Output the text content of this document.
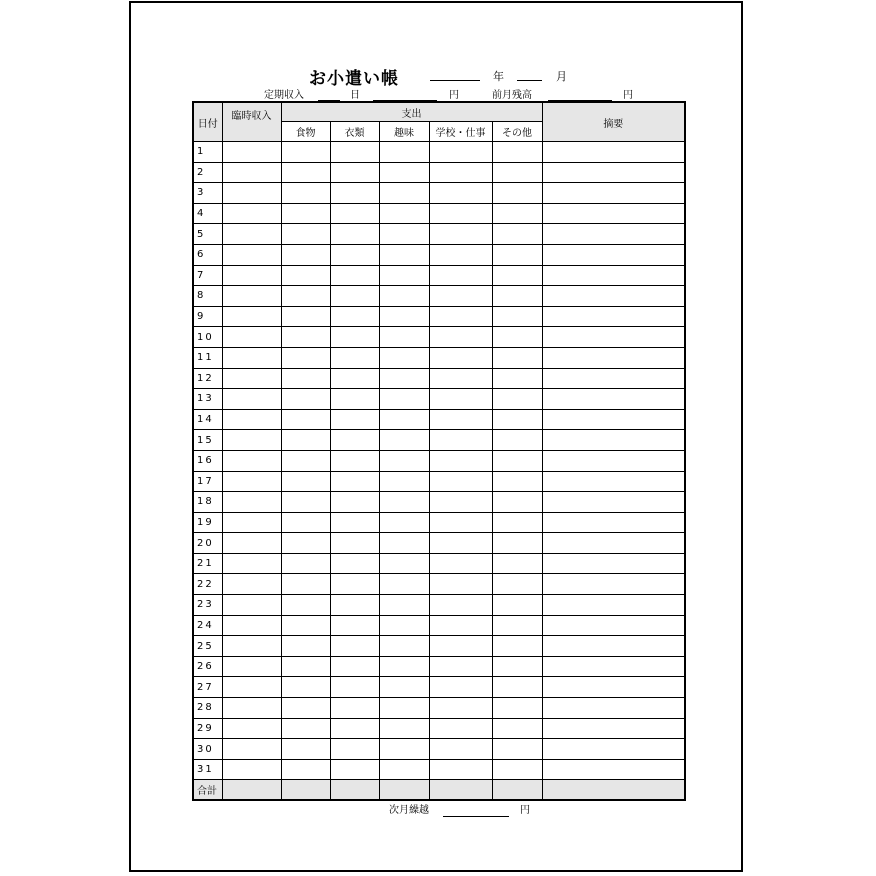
お小遣い帳	年	月
定期収入	日	円	前月残高	円
日付	臨時収入	支出					摘要
		食物	衣類	趣味	学校・仕事	その他	
1							
2							
3							
4							
5							
6							
7							
8							
9							
10							
11							
12							
13							
14							
15							
16							
17							
18							
19							
20							
21							
22							
23							
24							
25							
26							
27							
28							
29							
30							
31							
合計							
次月繰越	円
